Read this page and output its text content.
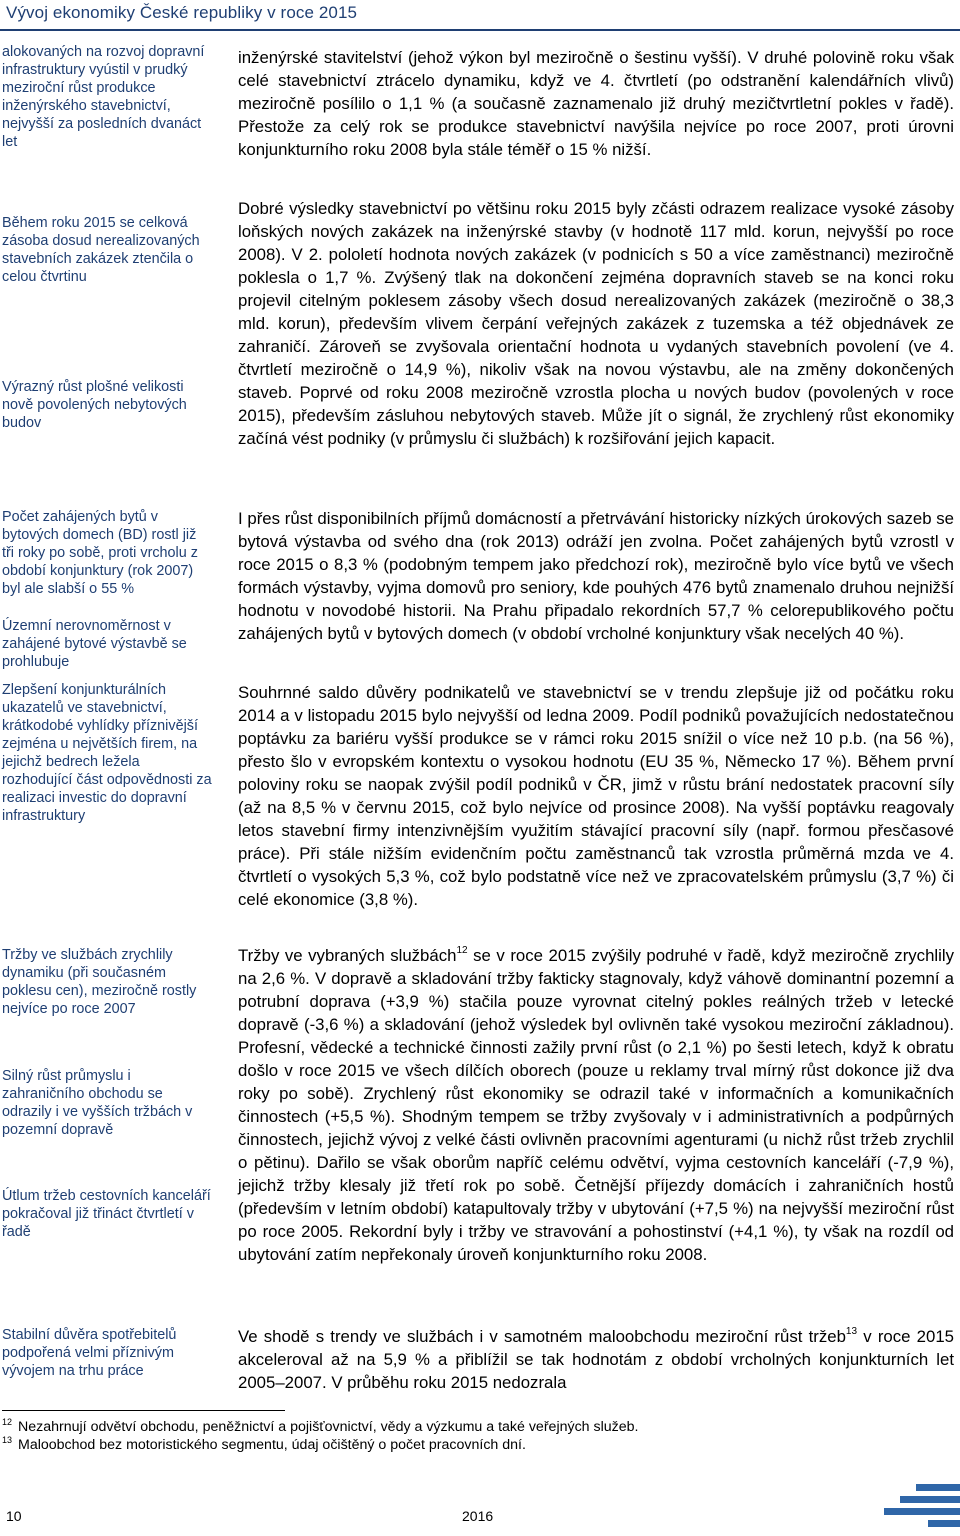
Vývoj ekonomiky České republiky v roce 2015
alokovaných na rozvoj dopravní infrastruktury vyústil v prudký meziroční růst produkce inženýrského stavebnictví, nejvyšší za posledních dvanáct let
Během roku 2015 se celková zásoba dosud nerealizovaných stavebních zakázek ztenčila o celou čtvrtinu
Výrazný růst plošné velikosti nově povolených nebytových budov
Počet zahájených bytů v bytových domech (BD) rostl již tři roky po sobě, proti vrcholu z období konjunktury (rok 2007) byl ale slabší o 55 %
Územní nerovnoměrnost v zahájené bytové výstavbě se prohlubuje
Zlepšení konjunkturálních ukazatelů ve stavebnictví, krátkodobé vyhlídky příznivější zejména u největších firem, na jejichž bedrech ležela rozhodující část odpovědnosti za realizaci investic do dopravní infrastruktury
Tržby ve službách zrychlily dynamiku (při současném poklesu cen), meziročně rostly nejvíce po roce 2007
Silný růst průmyslu i zahraničního obchodu se odrazily i ve vyšších tržbách v pozemní dopravě
Útlum tržeb cestovních kanceláří pokračoval již třináct čtvrtletí v řadě
Stabilní důvěra spotřebitelů podpořená velmi příznivým vývojem na trhu práce
inženýrské stavitelství (jehož výkon byl meziročně o šestinu vyšší). V druhé polovině roku však celé stavebnictví ztrácelo dynamiku, když ve 4. čtvrtletí (po odstranění kalendářních vlivů) meziročně posílilo o 1,1 % (a současně zaznamenalo již druhý mezičtvrtletní pokles v řadě). Přestože za celý rok se produkce stavebnictví navýšila nejvíce po roce 2007, proti úrovni konjunkturního roku 2008 byla stále téměř o 15 % nižší.
Dobré výsledky stavebnictví po většinu roku 2015 byly zčásti odrazem realizace vysoké zásoby loňských nových zakázek na inženýrské stavby (v hodnotě 117 mld. korun, nejvyšší po roce 2008). V 2. pololetí hodnota nových zakázek (v podnicích s 50 a více zaměstnanci) meziročně poklesla o 1,7 %. Zvýšený tlak na dokončení zejména dopravních staveb se na konci roku projevil citelným poklesem zásoby všech dosud nerealizovaných zakázek (meziročně o 38,3 mld. korun), především vlivem čerpání veřejných zakázek z tuzemska a též objednávek ze zahraničí. Zároveň se zvyšovala orientační hodnota u vydaných stavebních povolení (ve 4. čtvrtletí meziročně o 14,9 %), nikoliv však na novou výstavbu, ale na změny dokončených staveb. Poprvé od roku 2008 meziročně vzrostla plocha u nových budov (povolených v roce 2015), především zásluhou nebytových staveb. Může jít o signál, že zrychlený růst ekonomiky začíná vést podniky (v průmyslu či službách) k rozšiřování jejich kapacit.
I přes růst disponibilních příjmů domácností a přetrvávání historicky nízkých úrokových sazeb se bytová výstavba od svého dna (rok 2013) odráží jen zvolna. Počet zahájených bytů vzrostl v roce 2015 o 8,3 % (podobným tempem jako předchozí rok), meziročně bylo více bytů ve všech formách výstavby, vyjma domovů pro seniory, kde pouhých 476 bytů znamenalo druhou nejnižší hodnotu v novodobé historii. Na Prahu připadalo rekordních 57,7 % celorepublikového počtu zahájených bytů v bytových domech (v období vrcholné konjunktury však necelých 40 %).
Souhrnné saldo důvěry podnikatelů ve stavebnictví se v trendu zlepšuje již od počátku roku 2014 a v listopadu 2015 bylo nejvyšší od ledna 2009. Podíl podniků považujících nedostatečnou poptávku za bariéru vyšší produkce se v rámci roku 2015 snížil o více než 10 p.b. (na 56 %), přesto šlo v evropském kontextu o vysokou hodnotu (EU 35 %, Německo 17 %). Během první poloviny roku se naopak zvýšil podíl podniků v ČR, jimž v růstu brání nedostatek pracovní síly (až na 8,5 % v červnu 2015, což bylo nejvíce od prosince 2008). Na vyšší poptávku reagovaly letos stavební firmy intenzivnějším využitím stávající pracovní síly (např. formou přesčasové práce). Při stále nižším evidenčním počtu zaměstnanců tak vzrostla průměrná mzda ve 4. čtvrtletí o vysokých 5,3 %, což bylo podstatně více než ve zpracovatelském průmyslu (3,7 %) či celé ekonomice (3,8 %).
Tržby ve vybraných službách$^{12}$ se v roce 2015 zvýšily podruhé v řadě, když meziročně zrychlily na 2,6 %. V dopravě a skladování tržby fakticky stagnovaly, když váhově dominantní pozemní a potrubní doprava (+3,9 %) stačila pouze vyrovnat citelný pokles reálných tržeb v letecké dopravě (-3,6 %) a skladování (jehož výsledek byl ovlivněn také vysokou meziroční základnou). Profesní, vědecké a technické činnosti zažily první růst (o 2,1 %) po šesti letech, když k obratu došlo v roce 2015 ve všech dílčích oborech (pouze u reklamy trval mírný růst dokonce již dva roky po sobě). Zrychlený růst ekonomiky se odrazil také v informačních a komunikačních činnostech (+5,5 %). Shodným tempem se tržby zvyšovaly v i administrativních a podpůrných činnostech, jejichž vývoj z velké části ovlivněn pracovními agenturami (u nichž růst tržeb zrychlil o pětinu). Dařilo se však oborům napříč celému odvětví, vyjma cestovních kanceláří (-7,9 %), jejichž tržby klesaly již třetí rok po sobě. Četnější příjezdy domácích i zahraničních hostů (především v letním období) katapultovaly tržby v ubytování (+7,5 %) na nejvyšší meziroční růst po roce 2005. Rekordní byly i tržby ve stravování a pohostinství (+4,1 %), ty však na rozdíl od ubytování zatím nepřekonaly úroveň konjunkturního roku 2008.
Ve shodě s trendy ve službách i v samotném maloobchodu meziroční růst tržeb$^{13}$ v roce 2015 akceleroval až na 5,9 % a přiblížil se tak hodnotám z období vrcholných konjunkturních let 2005–2007. V průběhu roku 2015 nedozrala
$^{12}$ Nezahrnují odvětví obchodu, peněžnictví a pojišťovnictví, vědy a výzkumu a také veřejných služeb.
$^{13}$ Maloobchod bez motoristického segmentu, údaj očištěný o počet pracovních dní.
10	2016
